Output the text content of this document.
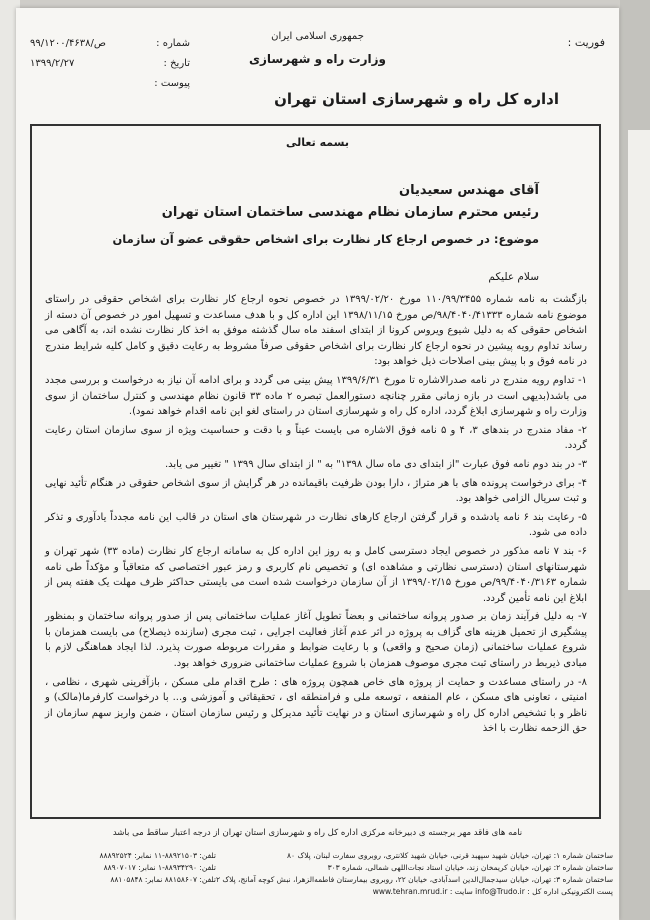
فوریت :
جمهوری اسلامی ایران
وزارت راه و شهرسازی
شماره :
۹۹/۱۲۰۰/۴۶۳۸/ص
تاریخ :
۱۳۹۹/۲/۲۷
پیوست :
اداره کل راه و شهرسازی استان تهران
بسمه تعالی
آقای مهندس سعیدیان
رئیس محترم سازمان نظام مهندسی ساختمان استان تهران
موضوع: در خصوص ارجاع کار نظارت برای اشخاص حقوقی عضو آن سازمان
سلام علیکم

بازگشت به نامه شماره ۱۱۰/۹۹/۳۴۵۵ مورخ ۱۳۹۹/۰۲/۲۰ در خصوص نحوه ارجاع کار نظارت برای اشخاص حقوقی در راستای موضوع نامه شماره ۹۸/۴۰۴۰/۴۱۳۳۳/ص مورخ ۱۳۹۸/۱۱/۱۵ این اداره کل و با هدف مساعدت و تسهیل امور در خصوص آن دسته از اشخاص حقوقی که به دلیل شیوع ویروس کرونا از ابتدای اسفند ماه سال گذشته موفق به اخذ کار نظارت نشده اند، به آگاهی می رساند تداوم رویه پیشین در نحوه ارجاع کار نظارت برای اشخاص حقوقی صرفاً مشروط به رعایت دقیق و کامل کلیه شرایط مندرج در نامه فوق و با پیش بینی اصلاحات ذیل خواهد بود:

۱- تداوم رویه مندرج در نامه صدرالاشاره تا مورخ ۱۳۹۹/۶/۳۱ پیش بینی می گردد و برای ادامه آن نیاز به درخواست و بررسی مجدد می باشد(بدیهی است در بازه زمانی مقرر چنانچه دستورالعمل تبصره ۲ ماده ۳۳ قانون نظام مهندسی و کنترل ساختمان از سوی وزارت راه و شهرسازی ابلاغ گردد، اداره کل راه و شهرسازی استان در راستای لغو این نامه اقدام خواهد نمود).

۲- مفاد مندرج در بندهای ۳، ۴ و ۵ نامه فوق الاشاره می بایست عیناً و با دقت و حساسیت ویژه از سوی سازمان استان رعایت گردد.

۳- در بند دوم نامه فوق عبارت "از ابتدای دی ماه سال ۱۳۹۸" به " از ابتدای سال ۱۳۹۹ " تغییر می یابد.

۴- برای درخواست پرونده های با هر متراژ ، دارا بودن ظرفیت باقیمانده در هر گرایش از سوی اشخاص حقوقی در هنگام تأئید نهایی و ثبت سریال الزامی خواهد بود.

۵- رعایت بند ۶ نامه یادشده و قرار گرفتن ارجاع کارهای نظارت در شهرستان های استان در قالب این نامه مجدداً یادآوری و تذکر داده می شود.

۶- بند ۷ نامه مذکور در خصوص ایجاد دسترسی کامل و به روز این اداره کل به سامانه ارجاع کار نظارت (ماده ۳۳) شهر تهران و شهرستانهای استان (دسترسی نظارتی و مشاهده ای) و تخصیص نام کاربری و رمز عبور اختصاصی که متعاقباً و مؤکداً طی نامه شماره ۹۹/۴۰۴۰/۳۱۶۳/ص مورخ ۱۳۹۹/۰۲/۱۵ از آن سازمان درخواست شده است می بایستی حداکثر ظرف مهلت یک هفته پس از ابلاغ این نامه تأمین گردد.

۷- به دلیل فرآیند زمان بر صدور پروانه ساختمانی و بعضاً تطویل آغاز عملیات ساختمانی پس از صدور پروانه ساختمان و بمنظور پیشگیری از تحمیل هزینه های گزاف به پروژه در اثر عدم آغاز فعالیت اجرایی ، ثبت مجری (سازنده ذیصلاح) می بایست همزمان با شروع عملیات ساختمانی (زمان صحیح و واقعی) و با رعایت ضوابط و مقررات مربوطه صورت پذیرد. لذا ایجاد هماهنگی لازم با مبادی ذیربط در راستای ثبت مجری موصوف همزمان با شروع عملیات ساختمانی ضروری خواهد بود.

۸- در راستای مساعدت و حمایت از پروژه های خاص همچون پروژه های : طرح اقدام ملی مسکن ، بازآفرینی شهری ، نظامی ، امنیتی ، تعاونی های مسکن ، عام المنفعه ، توسعه ملی و فرامنطقه ای ، تحقیقاتی و آموزشی و... با درخواست کارفرما(مالک) و ناظر و با تشخیص اداره کل راه و شهرسازی استان و در نهایت تأئید مدیرکل و رئیس سازمان استان ، ضمن واریز سهم سازمان از حق الزحمه نظارت با اخذ

نامه های فاقد مهر برجسته ی دبیرخانه مرکزی اداره کل راه و شهرسازی استان تهران از درجه اعتبار ساقط می باشد
ساختمان شماره ۱: تهران، خیابان شهید سپهبد قرنی، خیابان شهید کلانتری، روبروی سفارت لبنان، پلاک ۸۰
ساختمان شماره ۲: تهران، خیابان کریمخان زند، خیابان استاد نجات‌اللهی شمالی، شماره ۳۰۳
ساختمان شماره ۳: تهران، خیابان سیدجمال‌الدین اسدآبادی، خیابان ۲۲، روبروی بیمارستان فاطمه‌الزهرا، نبش کوچه آمانج، پلاک ۲
پست الکترونیکی اداره کل : info@Trudo.ir سایت : www.tehran.mrud.ir
تلفن: ۸۸۹۲۱۵۰۳-۱۱ نمابر: ۸۸۸۹۲۵۲۴
تلفن: ۸۸۹۳۴۲۹۰-۱ نمابر: ۸۸۹۰۷۰۱۷
تلفن: ۸۸۱۵۸۶۰۷ نمابر: ۸۸۱۰۵۸۴۸
